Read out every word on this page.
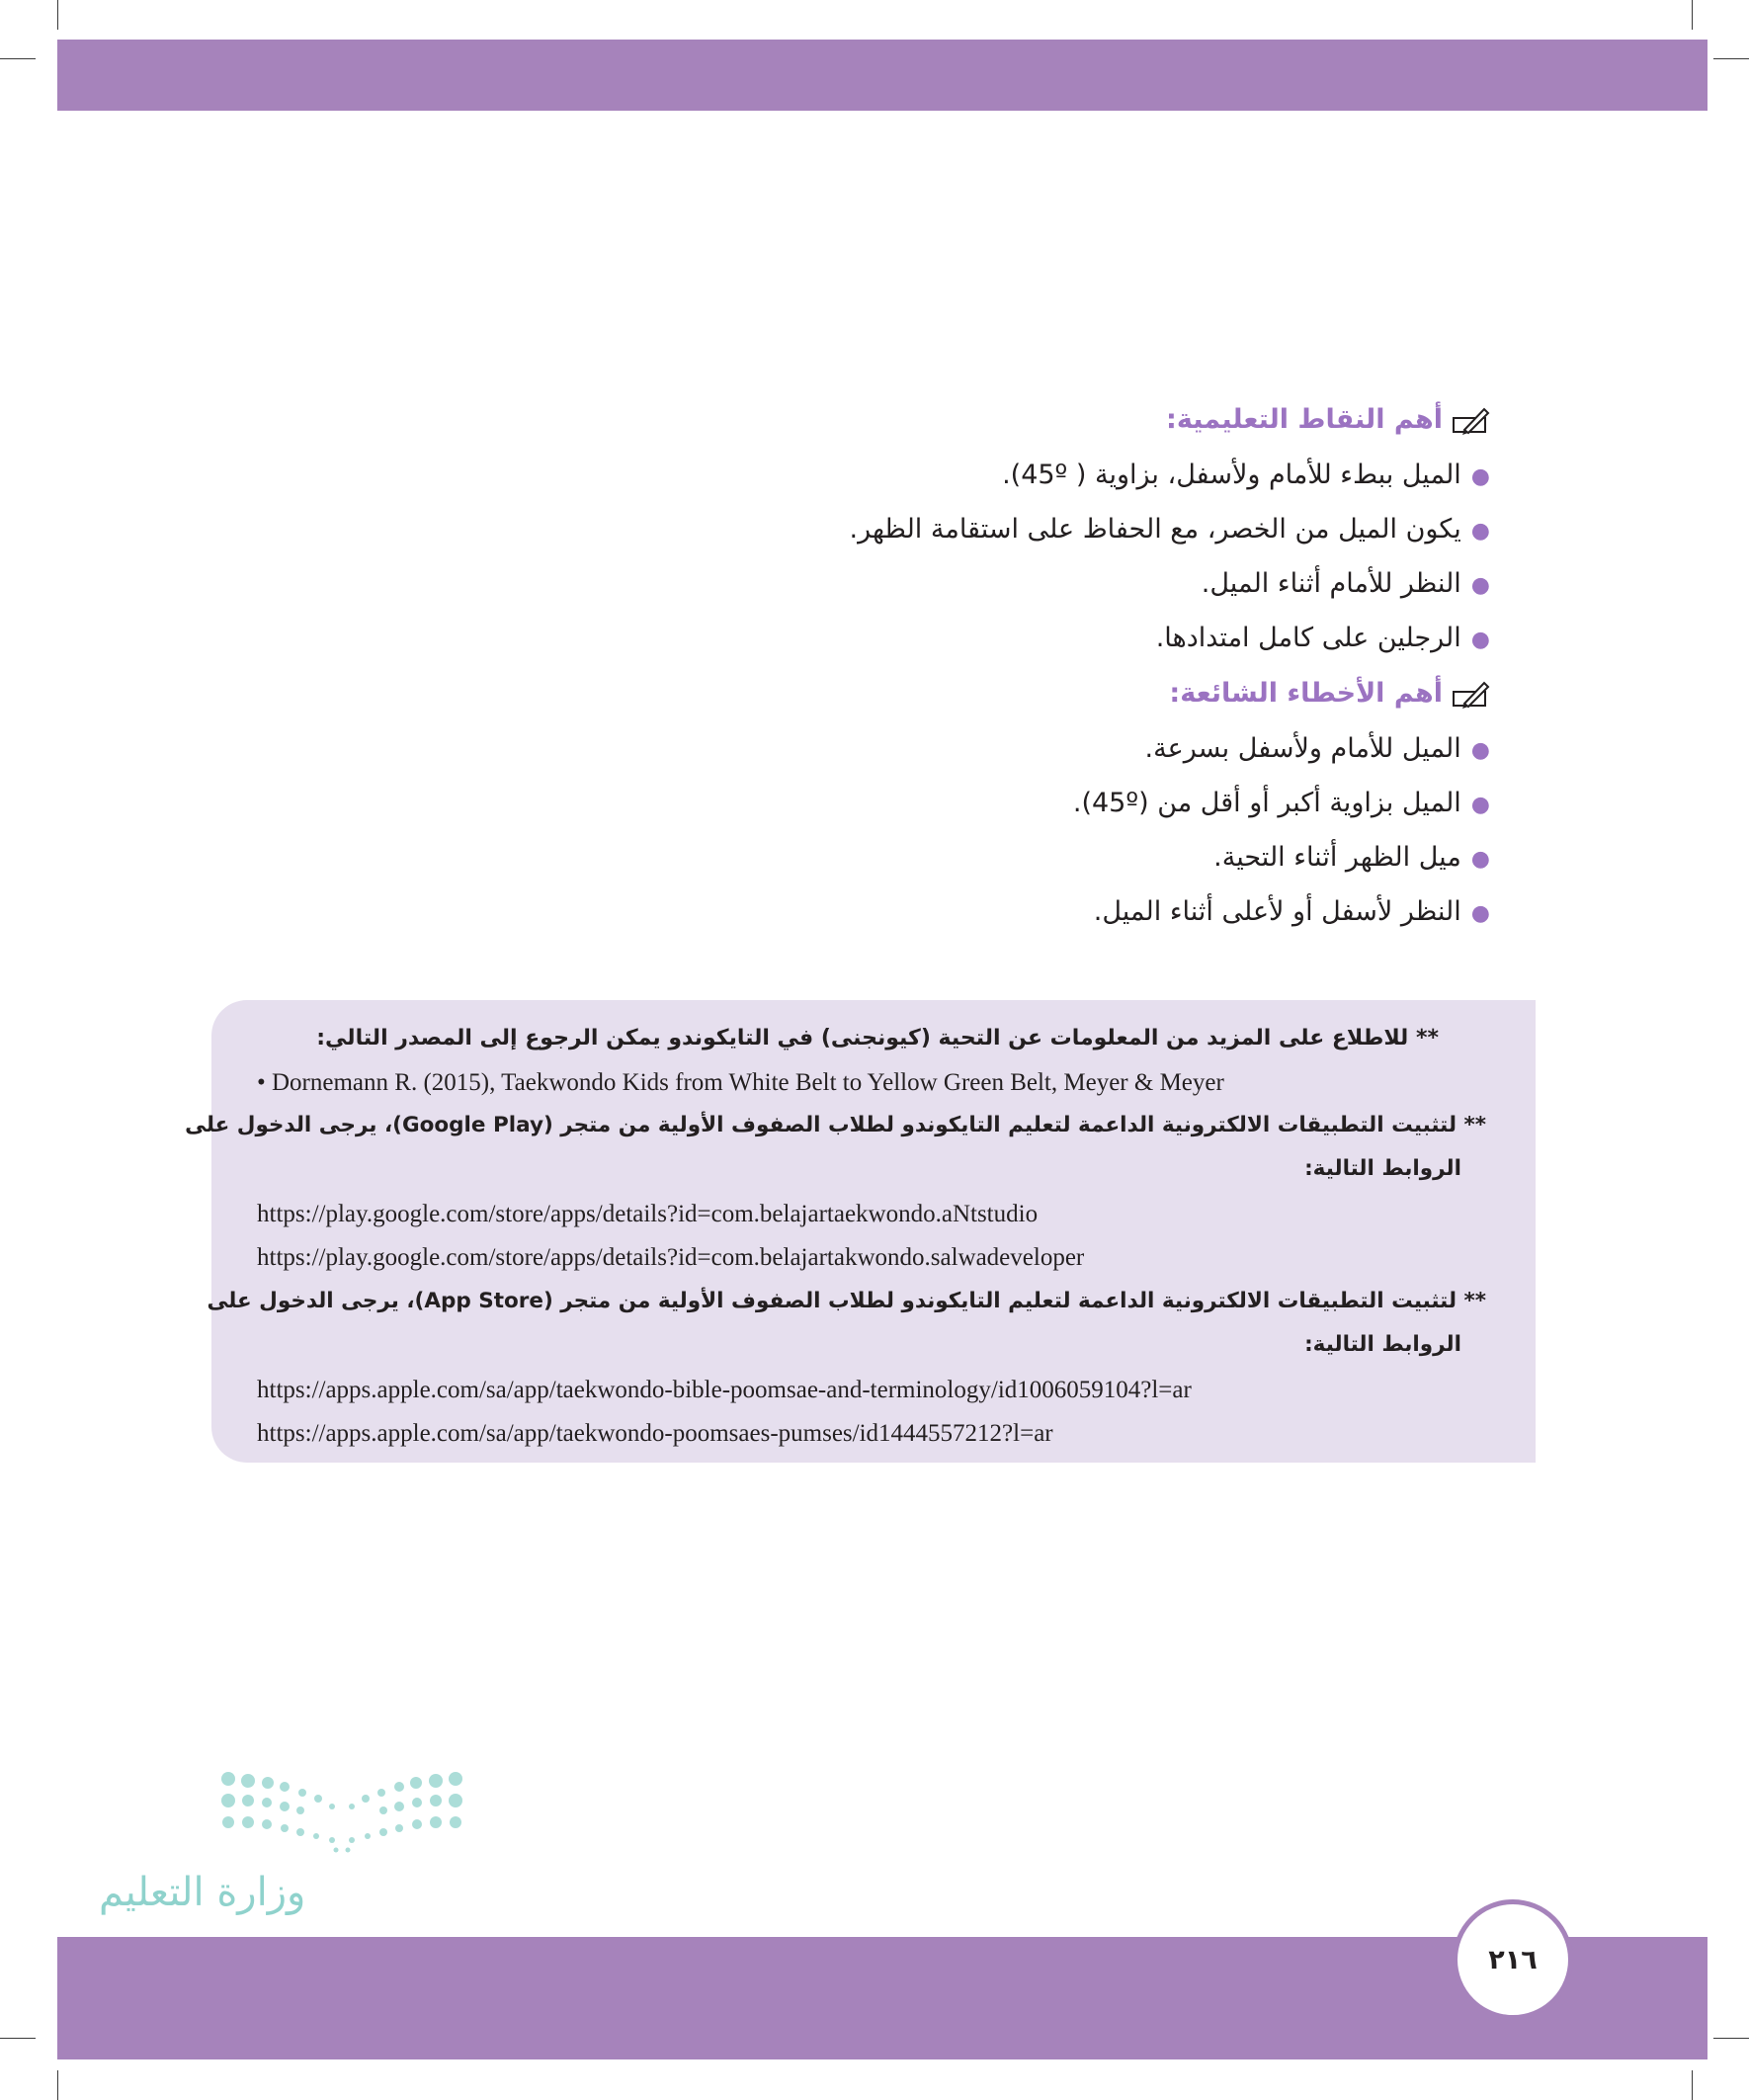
أهم النقاط التعليمية:
●الميل ببطء للأمام ولأسفل، بزاوية ( 45º).
●يكون الميل من الخصر، مع الحفاظ على استقامة الظهر.
●النظر للأمام أثناء الميل.
●الرجلين على كامل امتدادها.
أهم الأخطاء الشائعة:
●الميل للأمام ولأسفل بسرعة.
●الميل بزاوية أكبر أو أقل من (45º).
●ميل الظهر أثناء التحية.
●النظر لأسفل أو لأعلى أثناء الميل.
** للاطلاع على المزيد من المعلومات عن التحية (كيونجنى) في التايكوندو يمكن الرجوع إلى المصدر التالي:
• Dornemann R. (2015), Taekwondo Kids from White Belt to Yellow Green Belt, Meyer & Meyer
** لتثبيت التطبيقات الالكترونية الداعمة لتعليم التايكوندو لطلاب الصفوف الأولية من متجر (Google Play)، يرجى الدخول على
الروابط التالية:
https://play.google.com/store/apps/details?id=com.belajartaekwondo.aNtstudio
https://play.google.com/store/apps/details?id=com.belajartakwondo.salwadeveloper
** لتثبيت التطبيقات الالكترونية الداعمة لتعليم التايكوندو لطلاب الصفوف الأولية من متجر (App Store)، يرجى الدخول على
الروابط التالية:
https://apps.apple.com/sa/app/taekwondo-bible-poomsae-and-terminology/id1006059104?l=ar
https://apps.apple.com/sa/app/taekwondo-poomsaes-pumses/id1444557212?l=ar
وزارة التعليم
٢١٦
